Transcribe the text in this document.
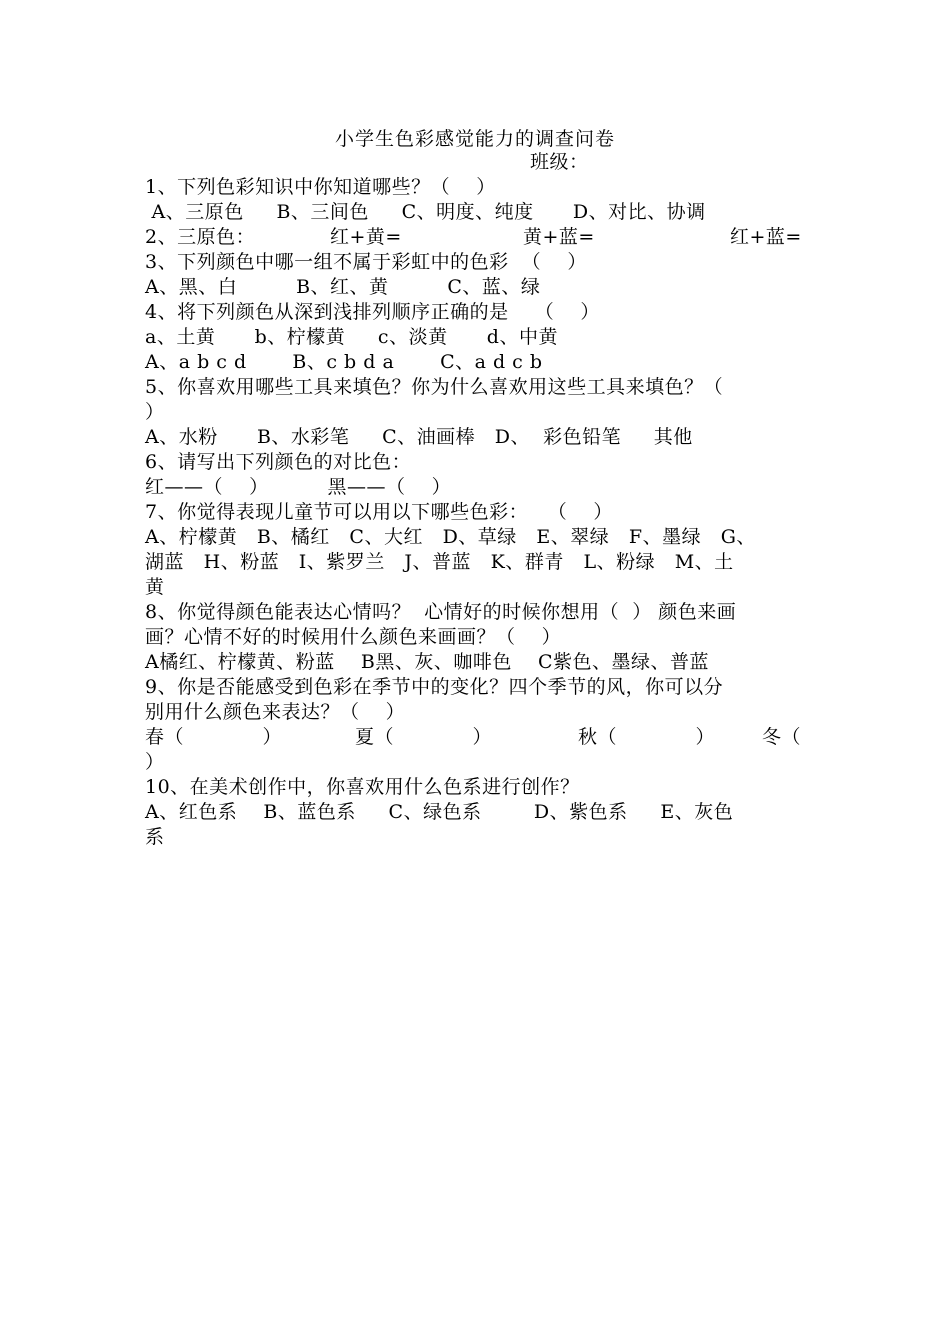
小学生色彩感觉能力的调查问卷
班级：
1、下列色彩知识中你知道哪些？（    ）
A、三原色     B、三间色     C、明度、纯度      D、对比、协调

2、三原色：

	红+黄=

	黄+蓝=

	红+蓝=

3、下列颜色中哪一组不属于彩虹中的色彩  （    ）
A、黑、白         B、红、黄         C、蓝、绿
4、将下列颜色从深到浅排列顺序正确的是    （    ）
a、土黄      b、柠檬黄     c、淡黄      d、中黄
A、a b c d       B、c b d a       C、a d c b
5、你喜欢用哪些工具来填色？你为什么喜欢用这些工具来填色？（
）
A、水粉      B、水彩笔     C、油画棒   D、  彩色铅笔     其他
6、请写出下列颜色的对比色：
红——（    ）         黑——（    ）
7、你觉得表现儿童节可以用以下哪些色彩：   （    ）
A、柠檬黄   B、橘红   C、大红   D、草绿   E、翠绿   F、墨绿   G、
湖蓝   H、粉蓝   I、紫罗兰   J、普蓝   K、群青   L、粉绿   M、土
黄
8、你觉得颜色能表达心情吗？  心情好的时候你想用（  ） 颜色来画
画？心情不好的时候用什么颜色来画画？（    ）
A橘红、柠檬黄、粉蓝    B黑、灰、咖啡色    C紫色、墨绿、普蓝
9、你是否能感受到色彩在季节中的变化？四个季节的风，你可以分
别用什么颜色来表达？（    ）

春（            ）

	夏（            ）

	秋（            ）

冬（

）
10、在美术创作中，你喜欢用什么色系进行创作？
A、红色系    B、蓝色系     C、绿色系        D、紫色系     E、灰色
系
